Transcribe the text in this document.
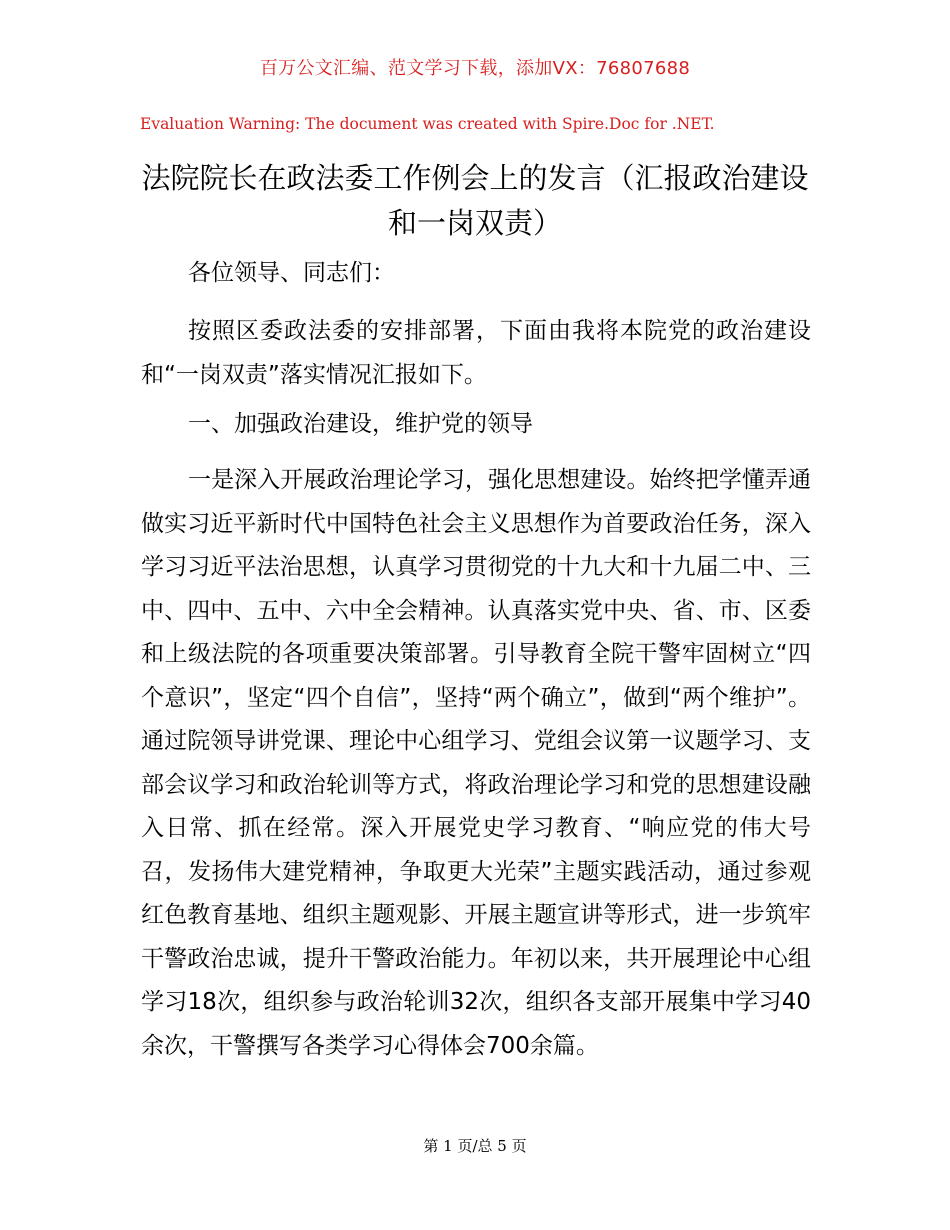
百万公文汇编、范文学习下载，添加VX：76807688
Evaluation Warning: The document was created with Spire.Doc for .NET.
法院院长在政法委工作例会上的发言（汇报政治建设和一岗双责）

各位领导、同志们：

按照区委政法委的安排部署，下面由我将本院党的政治建设和“一岗双责”落实情况汇报如下。

一、加强政治建设，维护党的领导

一是深入开展政治理论学习，强化思想建设。始终把学懂弄通做实习近平新时代中国特色社会主义思想作为首要政治任务，深入学习习近平法治思想，认真学习贯彻党的十九大和十九届二中、三中、四中、五中、六中全会精神。认真落实党中央、省、市、区委和上级法院的各项重要决策部署。引导教育全院干警牢固树立“四个意识”，坚定“四个自信”，坚持“两个确立”，做到“两个维护”。通过院领导讲党课、理论中心组学习、党组会议第一议题学习、支部会议学习和政治轮训等方式，将政治理论学习和党的思想建设融入日常、抓在经常。深入开展党史学习教育、“响应党的伟大号召，发扬伟大建党精神，争取更大光荣”主题实践活动，通过参观红色教育基地、组织主题观影、开展主题宣讲等形式，进一步筑牢干警政治忠诚，提升干警政治能力。年初以来，共开展理论中心组学习18次，组织参与政治轮训32次，组织各支部开展集中学习40余次，干警撰写各类学习心得体会700余篇。

第 1 页/总 5 页
